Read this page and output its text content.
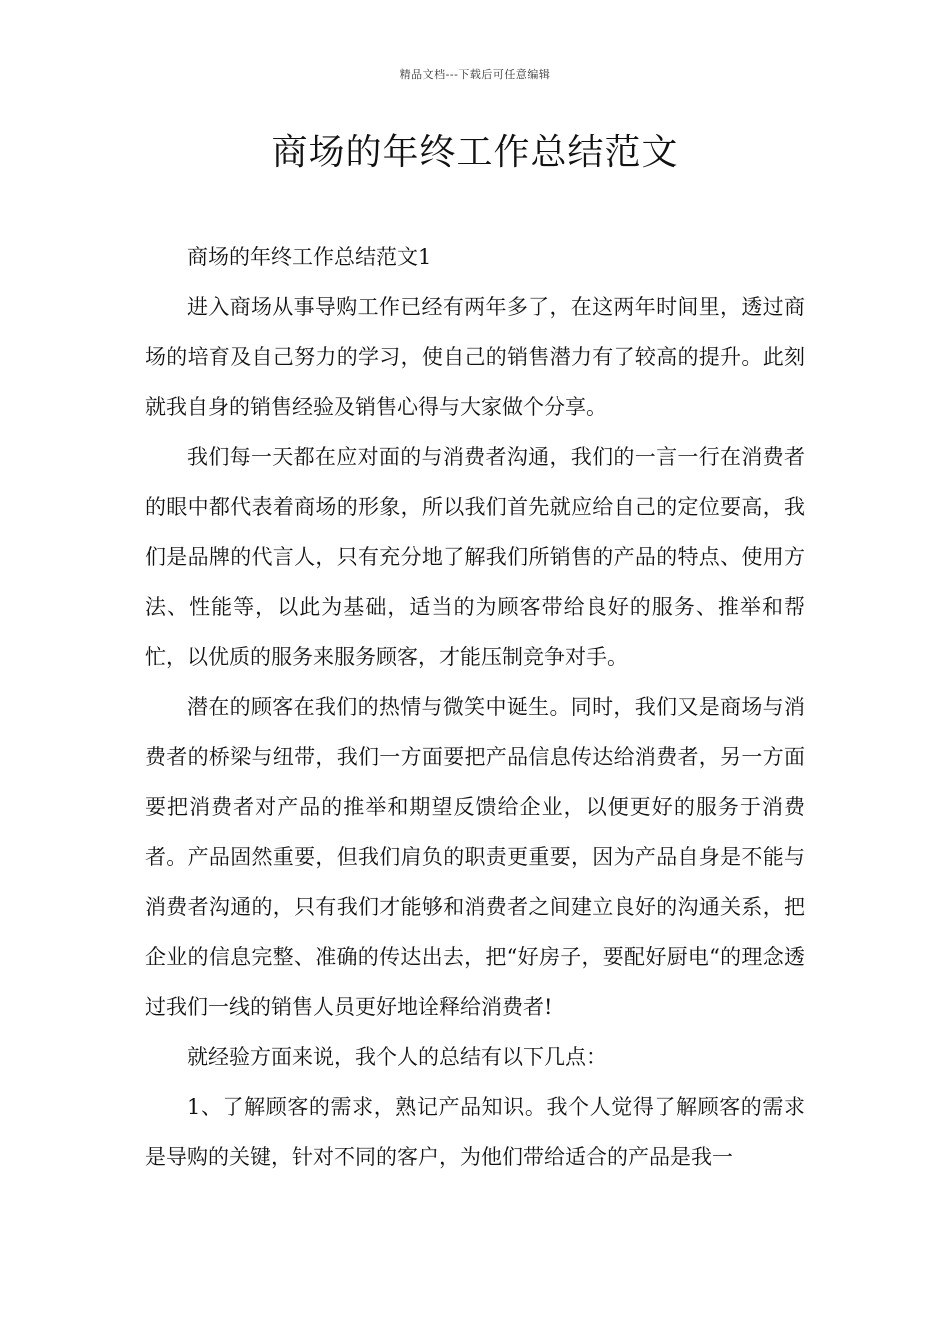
精品文档---下载后可任意编辑
商场的年终工作总结范文

商场的年终工作总结范文1

进入商场从事导购工作已经有两年多了，在这两年时间里，透过商场的培育及自己努力的学习，使自己的销售潜力有了较高的提升。此刻就我自身的销售经验及销售心得与大家做个分享。

我们每一天都在应对面的与消费者沟通，我们的一言一行在消费者的眼中都代表着商场的形象，所以我们首先就应给自己的定位要高，我们是品牌的代言人，只有充分地了解我们所销售的产品的特点、使用方法、性能等，以此为基础，适当的为顾客带给良好的服务、推举和帮忙，以优质的服务来服务顾客，才能压制竞争对手。

潜在的顾客在我们的热情与微笑中诞生。同时，我们又是商场与消费者的桥梁与纽带，我们一方面要把产品信息传达给消费者，另一方面要把消费者对产品的推举和期望反馈给企业，以便更好的服务于消费者。产品固然重要，但我们肩负的职责更重要，因为产品自身是不能与消费者沟通的，只有我们才能够和消费者之间建立良好的沟通关系，把企业的信息完整、准确的传达出去，把“好房子，要配好厨电“的理念透过我们一线的销售人员更好地诠释给消费者!

就经验方面来说，我个人的总结有以下几点：

1、了解顾客的需求，熟记产品知识。我个人觉得了解顾客的需求是导购的关键，针对不同的客户，为他们带给适合的产品是我一
